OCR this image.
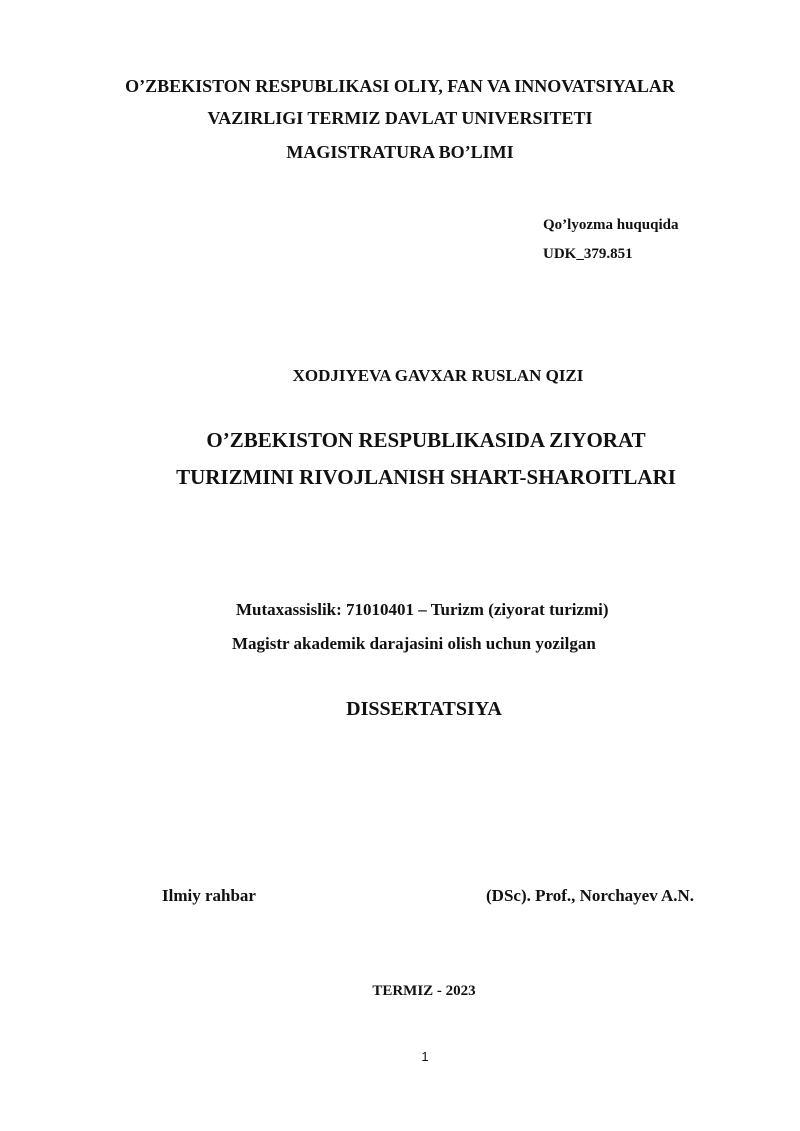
O’ZBEKISTON RESPUBLIKASI OLIY, FAN VA INNOVATSIYALAR
VAZIRLIGI TERMIZ DAVLAT UNIVERSITETI
MAGISTRATURA BO’LIMI
Qo’lyozma huquqida
UDK_379.851
XODJIYEVA GAVXAR RUSLAN QIZI
O’ZBEKISTON RESPUBLIKASIDA ZIYORAT
TURIZMINI RIVOJLANISH SHART-SHAROITLARI
Mutaxassislik: 71010401 – Turizm (ziyorat turizmi)
Magistr akademik darajasini olish uchun yozilgan
DISSERTATSIYA
Ilmiy rahbar	(DSc). Prof., Norchayev A.N.
TERMIZ - 2023
1
